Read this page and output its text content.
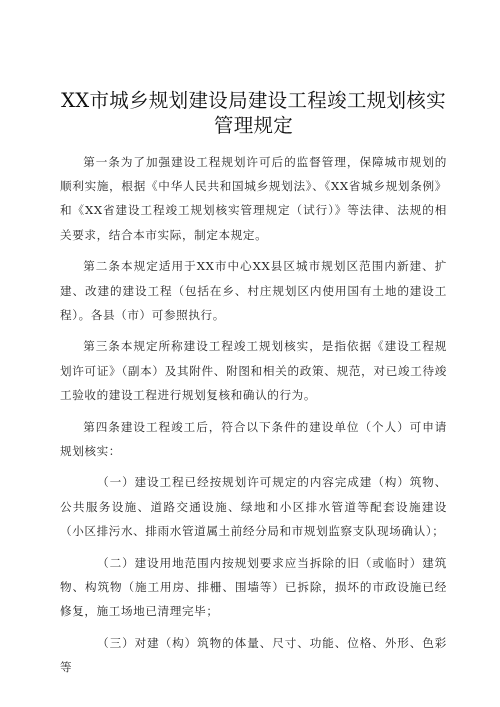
XX市城乡规划建设局建设工程竣工规划核实
管理规定

第一条为了加强建设工程规划许可后的监督管理，保障城市规划的顺利实施，根据《中华人民共和国城乡规划法》、《XX省城乡规划条例》和《XX省建设工程竣工规划核实管理规定（试行）》等法律、法规的相关要求，结合本市实际，制定本规定。

第二条本规定适用于XX市中心XX县区城市规划区范围内新建、扩建、改建的建设工程（包括在乡、村庄规划区内使用国有土地的建设工程）。各县（市）可参照执行。

第三条本规定所称建设工程竣工规划核实，是指依据《建设工程规划许可证》（副本）及其附件、附图和相关的政策、规范，对已竣工待竣工验收的建设工程进行规划复核和确认的行为。

第四条建设工程竣工后，符合以下条件的建设单位（个人）可申请规划核实：

（一）建设工程已经按规划许可规定的内容完成建（构）筑物、公共服务设施、道路交通设施、绿地和小区排水管道等配套设施建设（小区排污水、排雨水管道属土前经分局和市规划监察支队现场确认）；

（二）建设用地范围内按规划要求应当拆除的旧（或临时）建筑物、构筑物（施工用房、排栅、围墙等）已拆除，损坏的市政设施已经修复，施工场地已清理完毕；

（三）对建（构）筑物的体量、尺寸、功能、位格、外形、色彩等
